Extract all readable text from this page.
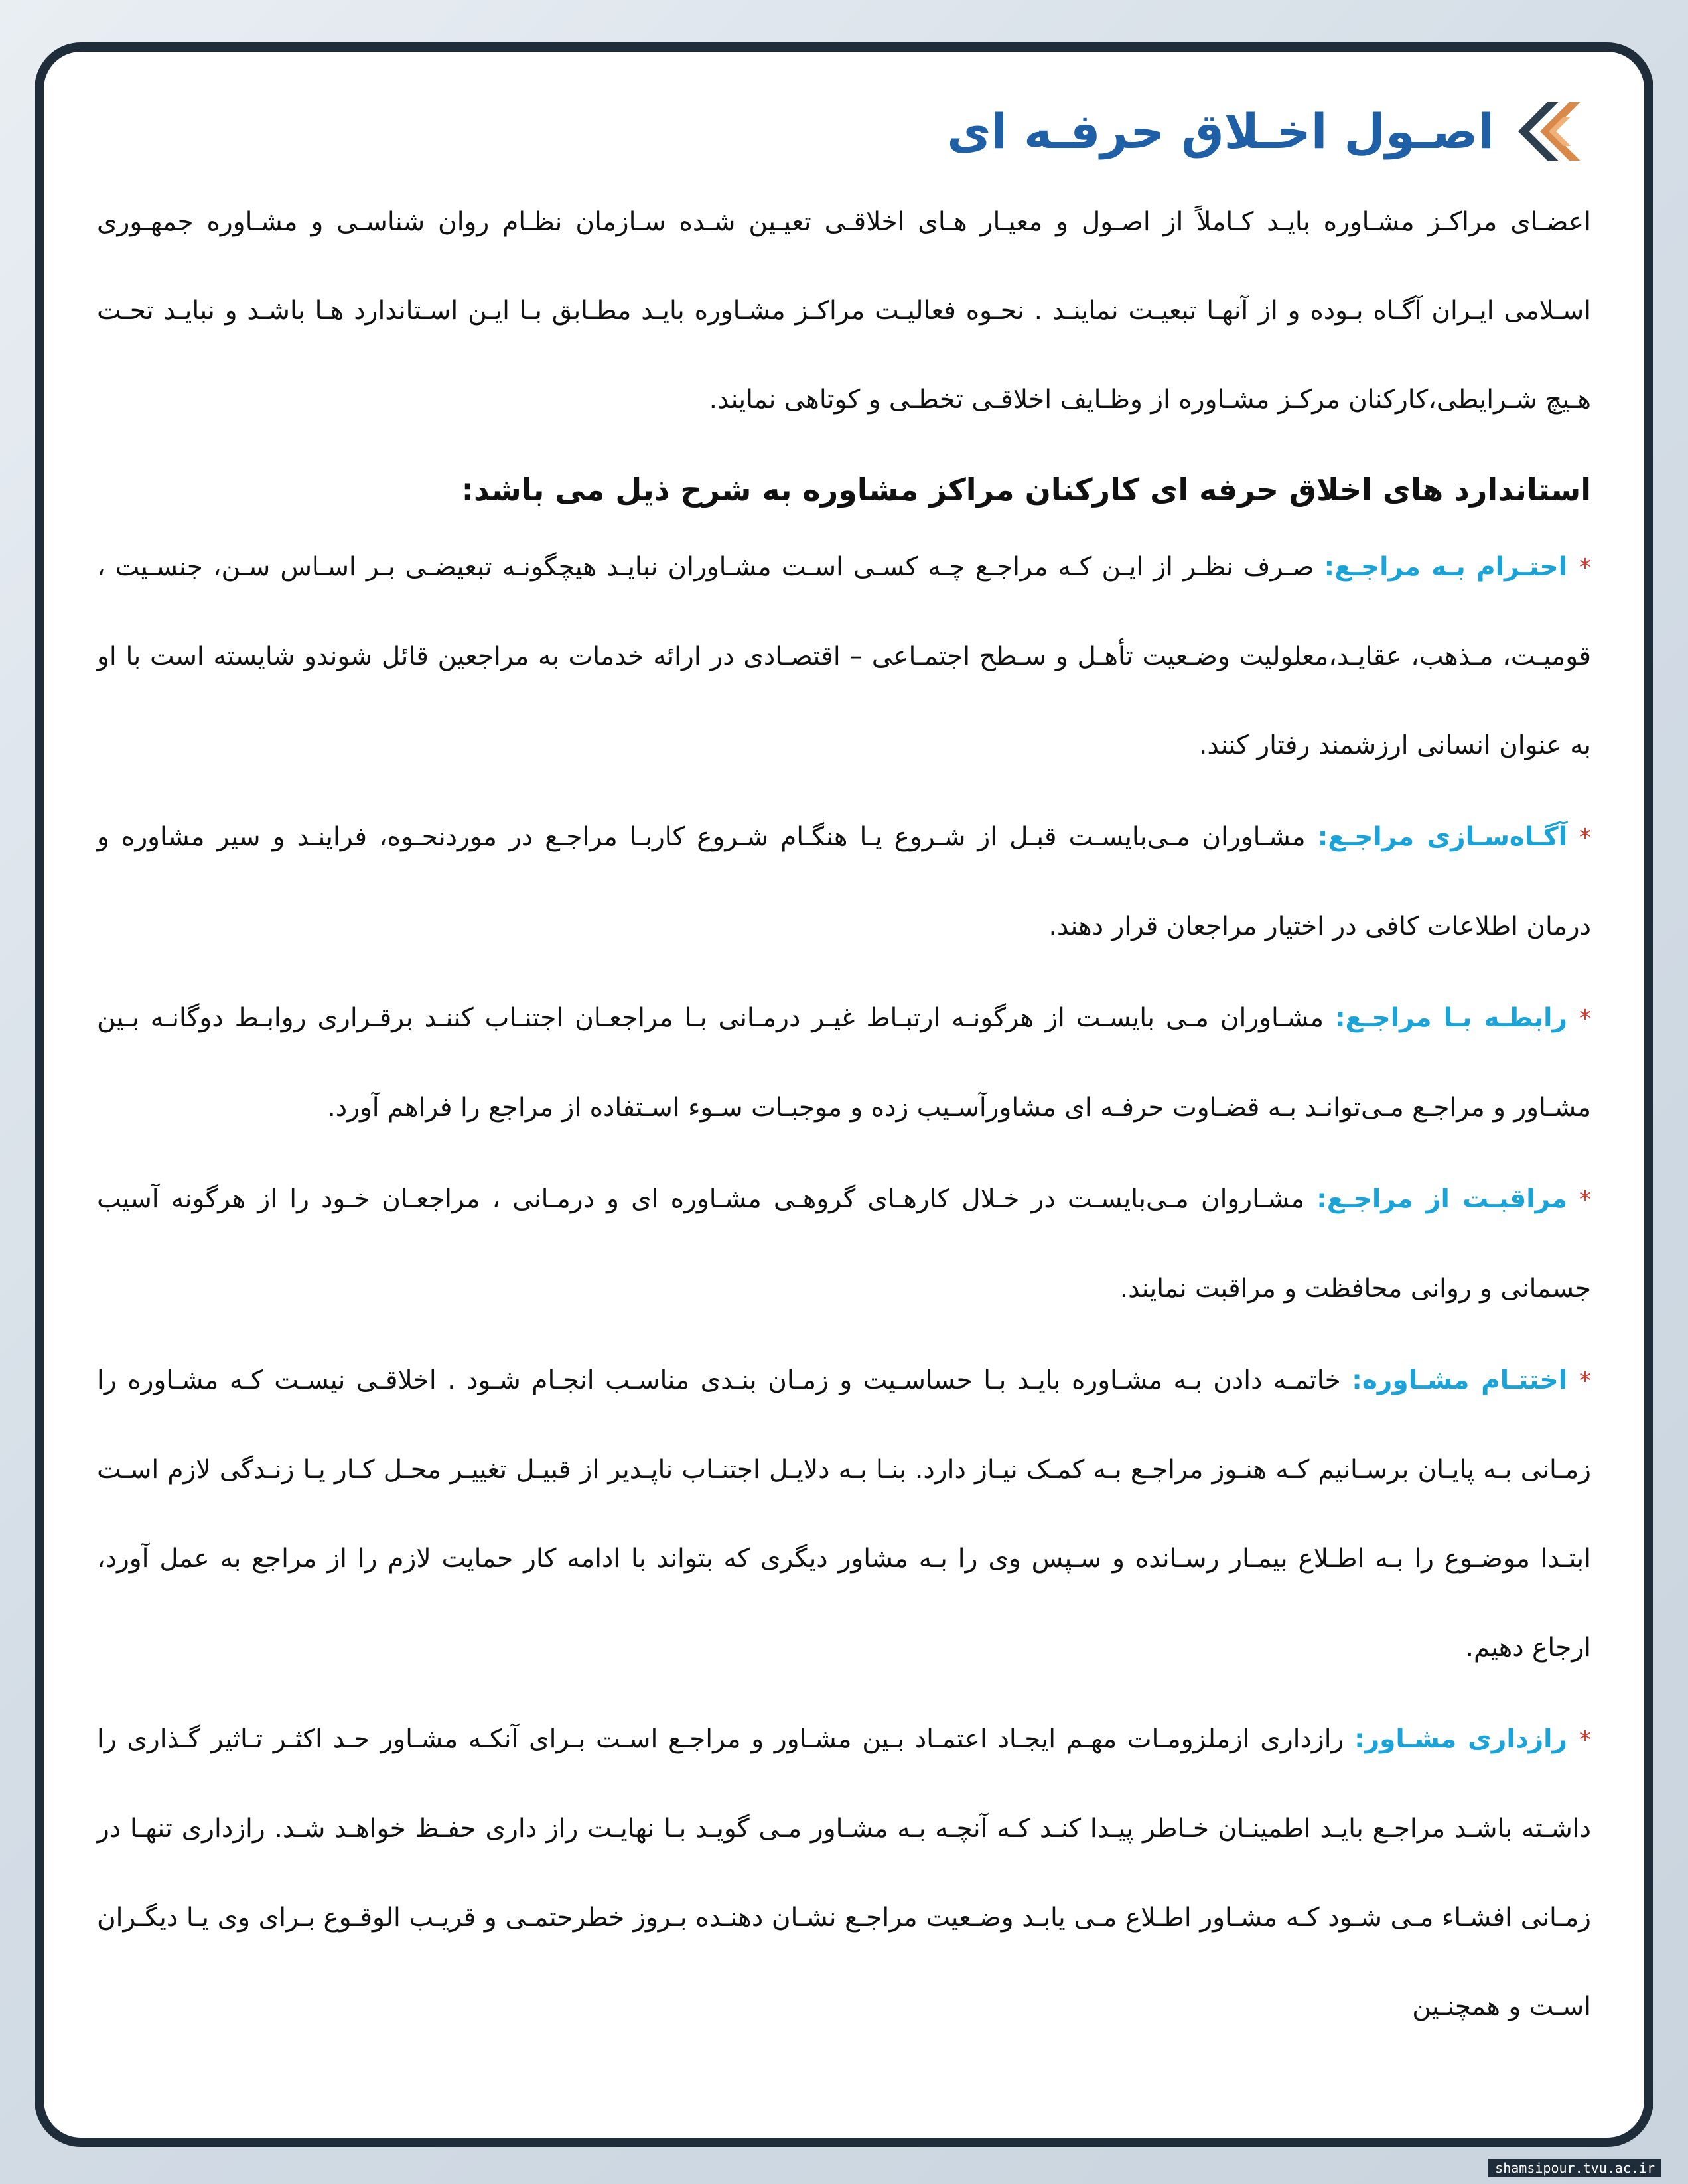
اصـول اخـلاق حرفـه ای

اعضـای مراکـز مشـاوره بایـد کـاملاً از اصـول و معیـار هـای اخلاقـی تعیـین شـده سـازمان نظـام روان شناسـی و مشـاوره جمهـوری اسـلامی ایـران آگـاه بـوده و از آنهـا تبعیـت نماینـد . نحـوه فعالیـت مراکـز مشـاوره بایـد مطـابق بـا ایـن اسـتاندارد هـا باشـد و نبایـد تحـت هـیچ شـرایطی،کارکنان مرکـز مشـاوره از وظـایف اخلاقـی تخطـی و کوتاهی نمایند.

استاندارد های اخلاق حرفه ای کارکنان مراکز مشاوره به شرح ذیل می باشد:

*احتـرام بـه مراجـع: صـرف نظـر از ایـن کـه مراجـع چـه کسـی اسـت مشـاوران نبایـد هیچگونـه تبعیضـی بـر اسـاس سـن، جنسـیت ، قومیـت، مـذهب، عقایـد،معلولیت وضـعیت تأهـل و سـطح اجتمـاعی – اقتصـادی در ارائه خدمات به مراجعین قائل شوندو شایسته است با او به عنوان انسانی ارزشمند رفتار کنند.

*آگـاه‌سـازی مراجـع: مشـاوران مـی‌بایسـت قبـل از شـروع یـا هنگـام شـروع کاربـا مراجـع در موردنحـوه، فراینـد و سیر مشاوره و درمان اطلاعات کافی در اختیار مراجعان قرار دهند.

*رابطـه بـا مراجـع: مشـاوران مـی بایسـت از هرگونـه ارتبـاط غیـر درمـانی بـا مراجعـان اجتنـاب کننـد برقـراری روابـط دوگانـه بـین مشـاور و مراجـع مـی‌توانـد بـه قضـاوت حرفـه ای مشاورآسـیب زده و موجبـات سـوء اسـتفاده از مراجع را فراهم آورد.

*مراقبـت از مراجـع: مشـاروان مـی‌بایسـت در خـلال کارهـای گروهـی مشـاوره ای و درمـانی ، مراجعـان خـود را از هرگونه آسیب جسمانی و روانی محافظت و مراقبت نمایند.

*اختتـام مشـاوره: خاتمـه دادن بـه مشـاوره بایـد بـا حساسـیت و زمـان بنـدی مناسـب انجـام شـود . اخلاقـی نیسـت کـه مشـاوره را زمـانی بـه پایـان برسـانیم کـه هنـوز مراجـع بـه کمـک نیـاز دارد. بنـا بـه دلایـل اجتنـاب ناپـدیر از قبیـل تغییـر محـل کـار یـا زنـدگی لازم اسـت ابتـدا موضـوع را بـه اطـلاع بیمـار رسـانده و سـپس وی را بـه مشاور دیگری که بتواند با ادامه کار حمایت لازم را از مراجع به عمل آورد، ارجاع دهیم.

*رازداری مشـاور: رازداری ازملزومـات مهـم ایجـاد اعتمـاد بـین مشـاور و مراجـع اسـت بـرای آنکـه مشـاور حـد اکثـر تـاثیر گـذاری را داشـته باشـد مراجـع بایـد اطمینـان خـاطر پیـدا کنـد کـه آنچـه بـه مشـاور مـی گویـد بـا نهایـت راز داری حفـظ خواهـد شـد. رازداری تنهـا در زمـانی افشـاء مـی شـود کـه مشـاور اطـلاع مـی یابـد وضـعیت مراجـع نشـان دهنـده بـروز خطرحتمـی و قریـب الوقـوع بـرای وی یـا دیگـران اسـت و همچنـین

shamsipour.tvu.ac.ir
